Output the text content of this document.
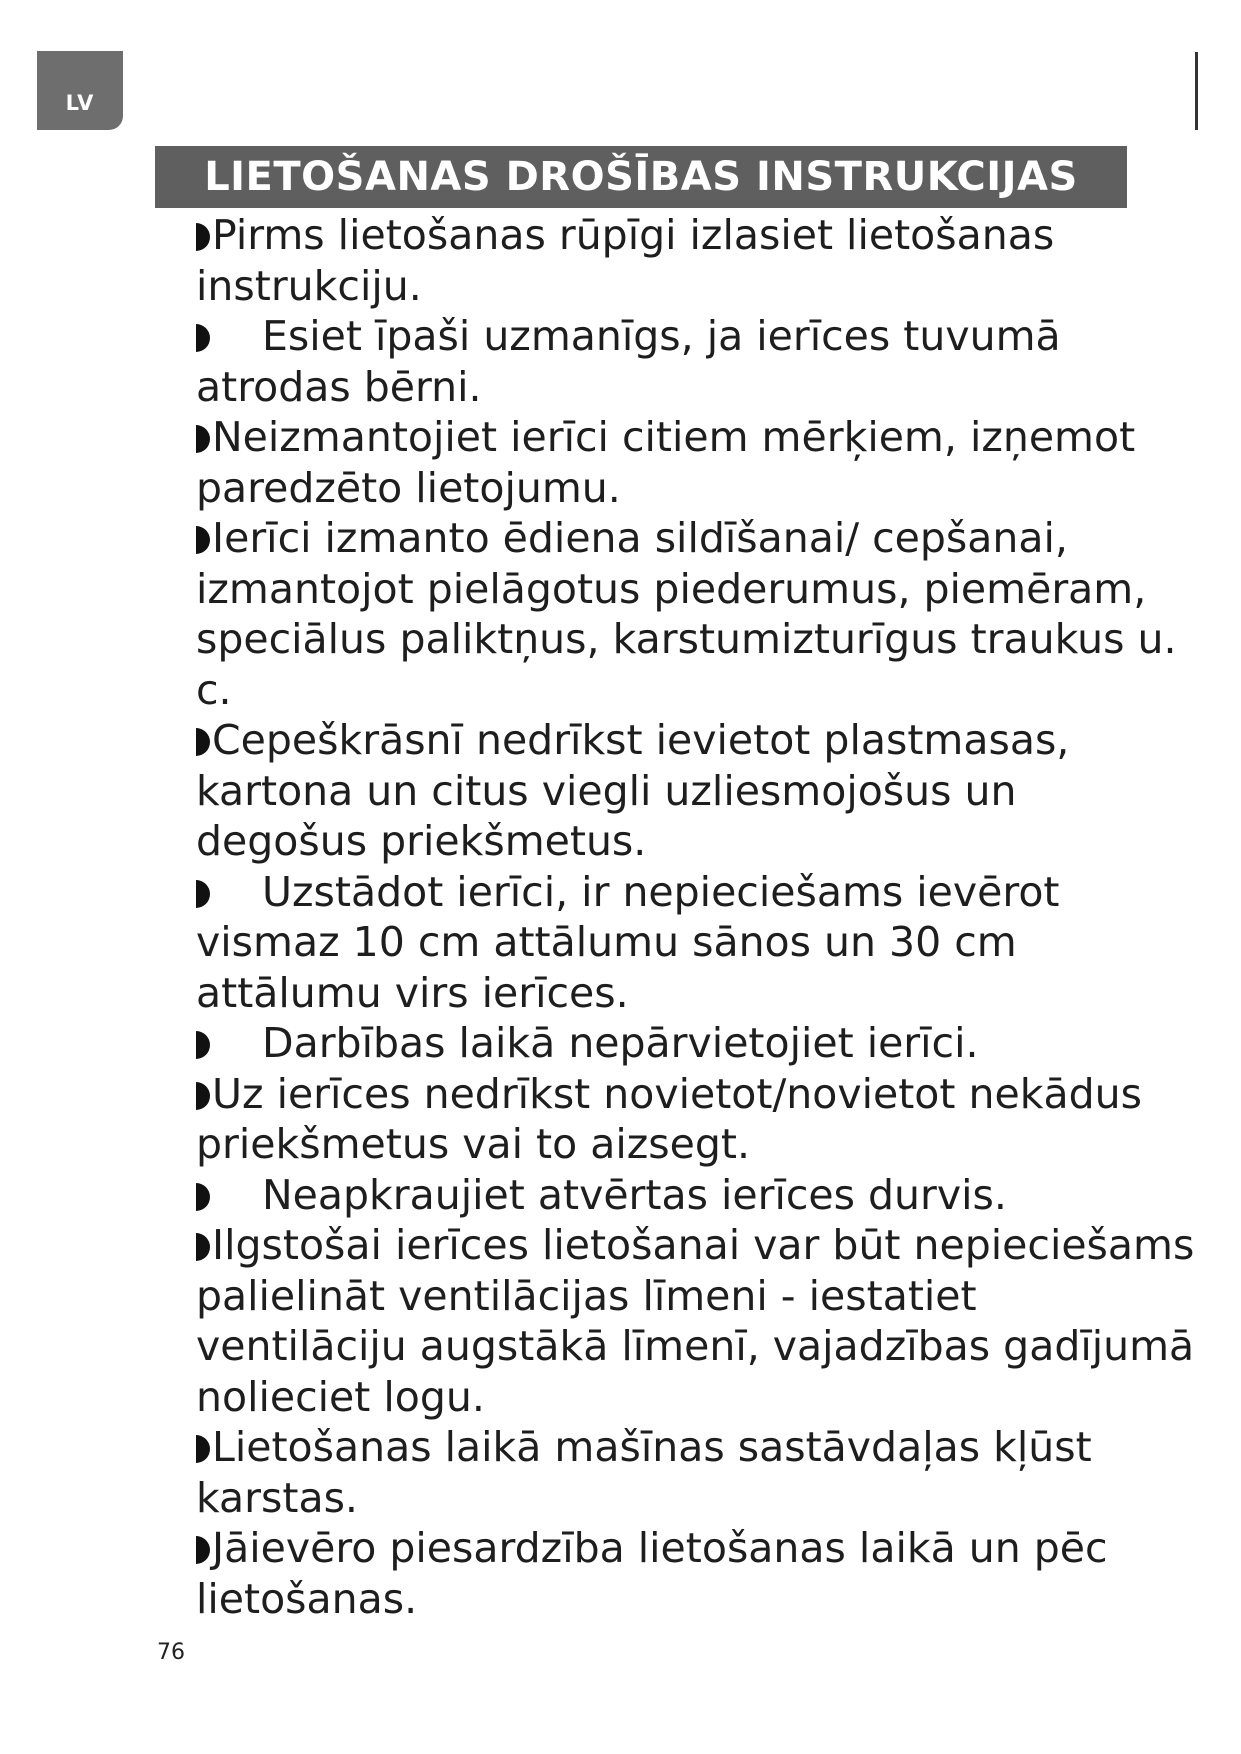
LV
LIETOŠANAS DROŠĪBAS INSTRUKCIJAS

Pirms lietošanas rūpīgi izlasiet lietošanas instrukciju.

Esiet īpaši uzmanīgs, ja ierīces tuvumā atrodas bērni.

Neizmantojiet ierīci citiem mērķiem, izņemot paredzēto lietojumu.

Ierīci izmanto ēdiena sildīšanai/ cepšanai, izmantojot pielāgotus piederumus, piemēram, speciālus paliktņus, karstumizturīgus traukus u. c.

Cepeškrāsnī nedrīkst ievietot plastmasas, kartona un citus viegli uzliesmojošus un degošus priekšmetus.

Uzstādot ierīci, ir nepieciešams ievērot vismaz 10 cm attālumu sānos un 30 cm attālumu virs ierīces.

Darbības laikā nepārvietojiet ierīci.

Uz ierīces nedrīkst novietot/novietot nekādus priekšmetus vai to aizsegt.

Neapkraujiet atvērtas ierīces durvis.

Ilgstošai ierīces lietošanai var būt nepieciešams palielināt ventilācijas līmeni - iestatiet ventilāciju augstākā līmenī, vajadzības gadījumā nolieciet logu.

Lietošanas laikā mašīnas sastāvdaļas kļūst karstas.

Jāievēro piesardzība lietošanas laikā un pēc lietošanas.

76
